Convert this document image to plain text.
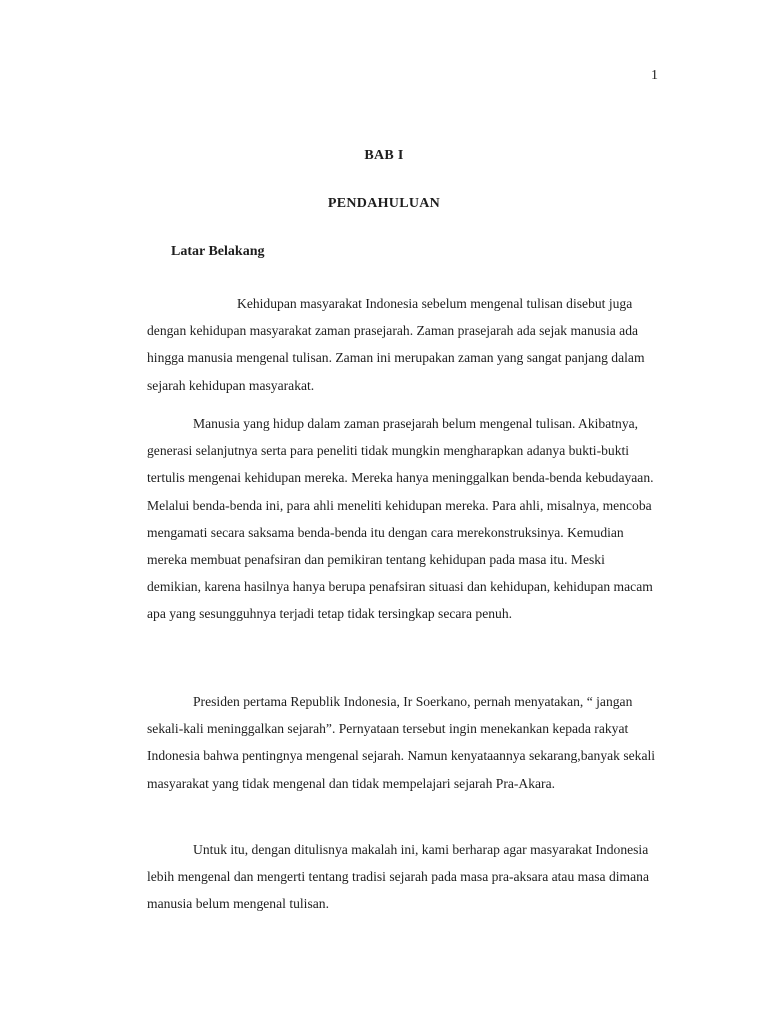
1
BAB I
PENDAHULUAN
Latar Belakang

Kehidupan masyarakat Indonesia sebelum mengenal tulisan disebut juga dengan kehidupan masyarakat zaman prasejarah. Zaman prasejarah ada sejak manusia ada hingga manusia mengenal tulisan. Zaman ini merupakan zaman yang sangat panjang dalam sejarah kehidupan masyarakat.

Manusia yang hidup dalam zaman prasejarah belum mengenal tulisan. Akibatnya, generasi selanjutnya serta para peneliti tidak mungkin mengharapkan adanya bukti-bukti tertulis mengenai kehidupan mereka. Mereka hanya meninggalkan benda-benda kebudayaan. Melalui benda-benda ini, para ahli meneliti kehidupan mereka. Para ahli, misalnya, mencoba mengamati secara saksama benda-benda itu dengan cara merekonstruksinya. Kemudian mereka membuat penafsiran dan pemikiran tentang kehidupan pada masa itu. Meski demikian, karena hasilnya hanya berupa penafsiran situasi dan kehidupan, kehidupan macam apa yang sesungguhnya terjadi tetap tidak tersingkap secara penuh.

Presiden pertama Republik Indonesia, Ir Soerkano, pernah menyatakan, “ jangan sekali-kali meninggalkan sejarah”. Pernyataan tersebut ingin menekankan kepada rakyat Indonesia bahwa pentingnya mengenal sejarah. Namun kenyataannya sekarang,banyak sekali masyarakat yang tidak mengenal dan tidak mempelajari sejarah Pra-Akara.

Untuk itu, dengan ditulisnya makalah ini, kami berharap agar masyarakat Indonesia lebih mengenal dan mengerti tentang tradisi sejarah pada masa pra-aksara atau masa dimana manusia belum mengenal tulisan.
